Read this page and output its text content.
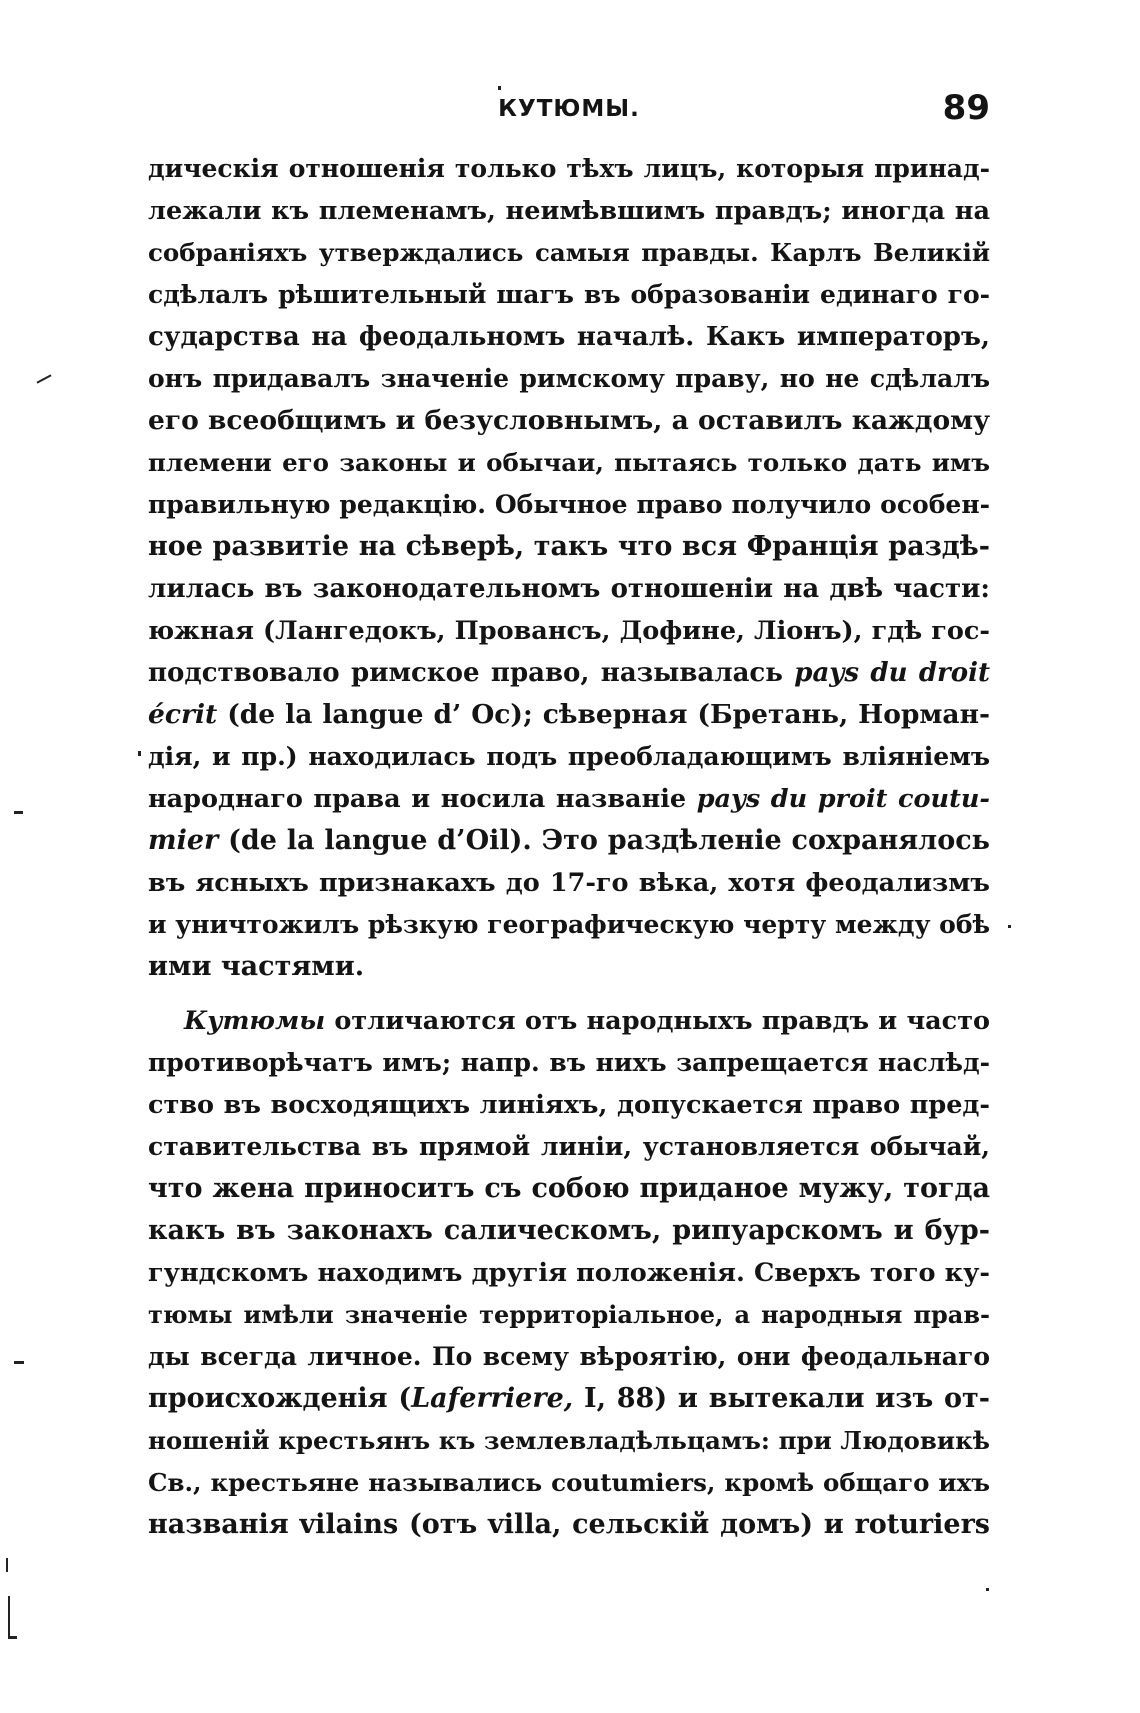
КУТЮМЫ.	89
дическія отношенія только тѣхъ лицъ, которыя принад-
лежали къ племенамъ, неимѣвшимъ правдъ; иногда на
собраніяхъ утверждались самыя правды. Карлъ Великій
сдѣлалъ рѣшительный шагъ въ образованіи единаго го-
сударства на феодальномъ началѣ. Какъ императоръ,
онъ придавалъ значеніе римскому праву, но не сдѣлалъ
его всеобщимъ и безусловнымъ, а оставилъ каждому
племени его законы и обычаи, пытаясь только дать имъ
правильную редакцію. Обычное право получило особен-
ное развитіе на сѣверѣ, такъ что вся Франція раздѣ-
лилась въ законодательномъ отношеніи на двѣ части:
южная (Лангедокъ, Провансъ, Дофине, Ліонъ), гдѣ гос-
подствовало римское право, называлась pays du droit
écrit (de la langue d’ Oc); сѣверная (Бретань, Норман-
дія, и пр.) находилась подъ преобладающимъ вліяніемъ
народнаго права и носила названіе pays du proit coutu-
mier (de la langue d’Oil). Это раздѣленіе сохранялось
въ ясныхъ признакахъ до 17-го вѣка, хотя феодализмъ
и уничтожилъ рѣзкую географическую черту между обѣ
ими частями.
Кутюмы отличаются отъ народныхъ правдъ и часто
противорѣчатъ имъ; напр. въ нихъ запрещается наслѣд-
ство въ восходящихъ линіяхъ, допускается право пред-
ставительства въ прямой линіи, установляется обычай,
что жена приноситъ съ собою приданое мужу, тогда
какъ въ законахъ салическомъ, рипуарскомъ и бур-
гундскомъ находимъ другія положенія. Сверхъ того ку-
тюмы имѣли значеніе территоріальное, а народныя прав-
ды всегда личное. По всему вѣроятію, они феодальнаго
происхожденія (Laferriere, I, 88) и вытекали изъ от-
ношеній крестьянъ къ землевладѣльцамъ: при Людовикѣ
Св., крестьяне назывались coutumiers, кромѣ общаго ихъ
названія vilains (отъ villa, сельскій домъ) и roturiers
